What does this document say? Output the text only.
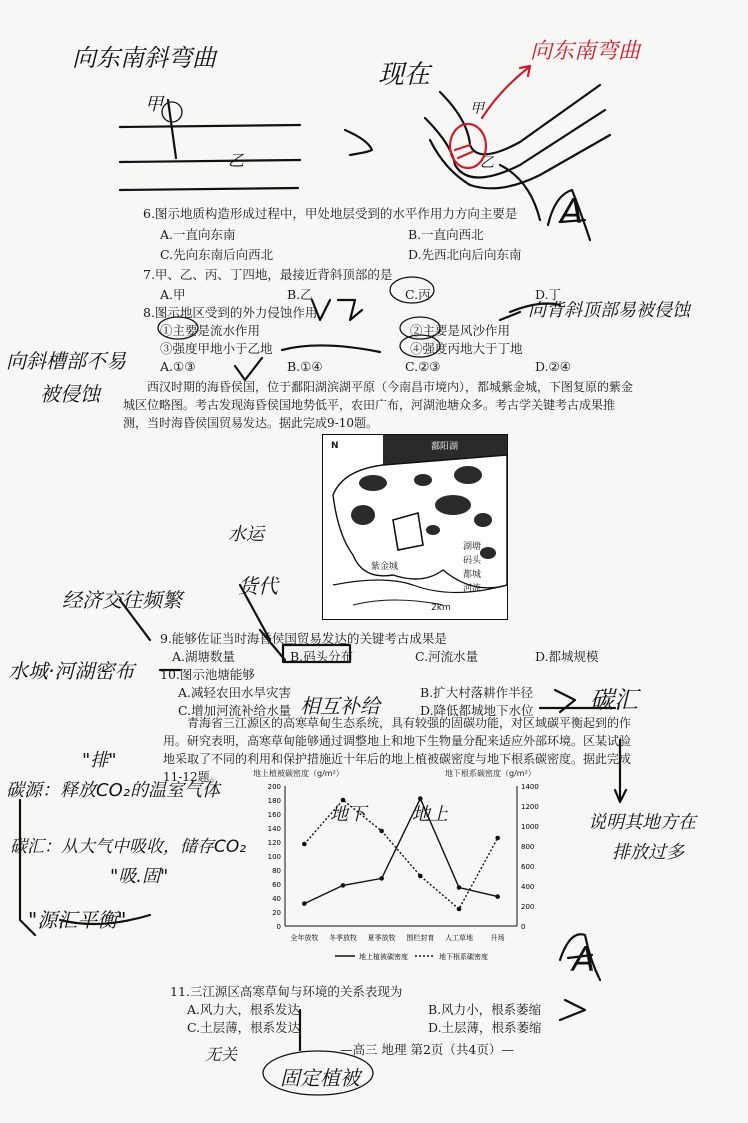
向东南斜弯曲
现在
向东南弯曲
甲
乙
甲
乙
6.图示地质构造形成过程中，甲处地层受到的水平作用力方向主要是
A.一直向东南	B.一直向西北
C.先向东南后向西北	D.先西北向后向东南
A
7.甲、乙、丙、丁四地，最接近背斜顶部的是
A.甲	B.乙	C.丙	D.丁
8.图示地区受到的外力侵蚀作用
①主要是流水作用	②主要是风沙作用
③强度甲地小于乙地	④强度丙地大于丁地
A.①③	B.①④	C.②③	D.②④
向斜槽部不易
被侵蚀
向背斜顶部易被侵蚀
西汉时期的海昏侯国，位于鄱阳湖滨湖平原（今南昌市境内），都城紫金城，下图复原的紫金城区位略图。考古发现海昏侯国地势低平，农田广布，河湖池塘众多。考古学关键考古成果推测，当时海昏侯国贸易发达。据此完成9-10题。
N	鄱阳湖
紫金城
2km
湖塘
码头
都城
河流
水运
货代
经济交往频繁
9.能够佐证当时海昏侯国贸易发达的关键考古成果是
A.湖塘数量	B.码头分布	C.河流水量	D.都城规模
10.图示池塘能够
A.减轻农田水旱灾害	B.扩大村落耕作半径
C.增加河流补给水量	D.降低都城地下水位
水城·河湖密布
相互补给	碳汇
青海省三江源区的高寒草甸生态系统，具有较强的固碳功能，对区域碳平衡起到的作用。研究表明，高寒草甸能够通过调整地上和地下生物量分配来适应外部环境。区某试验地采取了不同的利用和保护措施近十年后的地上植被碳密度与地下根系碳密度。据此完成11-12题。
"排"
碳源：释放CO₂的温室气体
碳汇：从大气中吸收，储存CO₂
"吸.固"
"源汇平衡"
说明其地方在
排放过多
地上植被碳密度（g/m²）	地下根系碳密度（g/m²）
0
20
40
60
80
100
120
140
160
180
200
0
200
400
600
800
1000
1200
1400
全年放牧 冬季放牧 夏季放牧 围栏封育 人工草地	升场
地上植被碳密度	地下根系碳密度
地下	地上
11.三江源区高寒草甸与环境的关系表现为
A.风力大，根系发达	B.风力小，根系萎缩
C.土层薄，根系发达	D.土层薄，根系萎缩
A
无关	—高三 地理 第2页（共4页）—
固定植被
